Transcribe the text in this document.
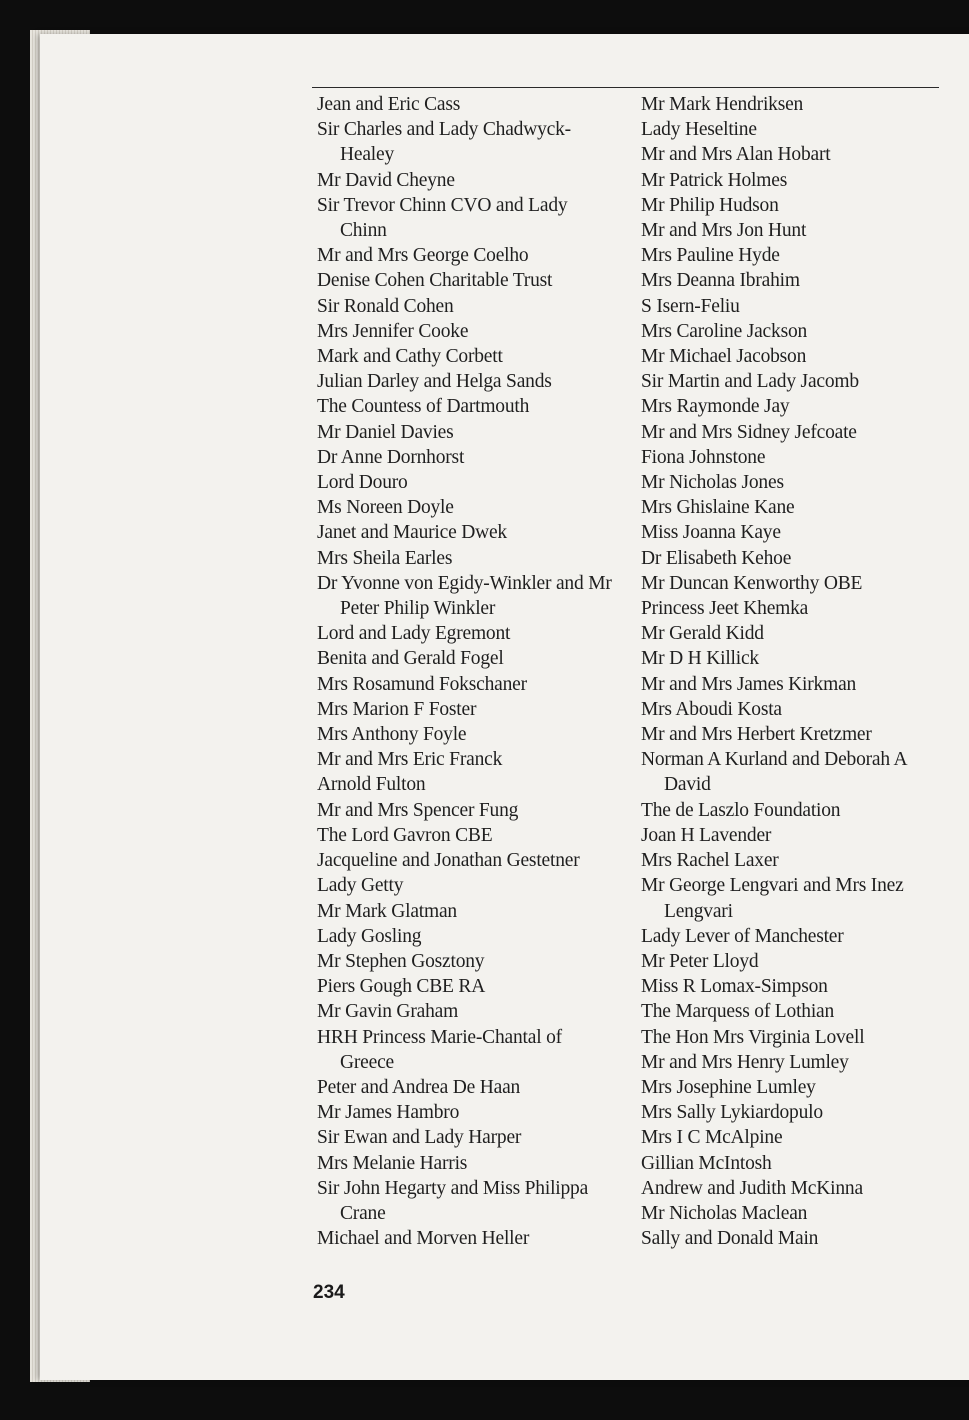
Jean and Eric Cass
Sir Charles and Lady Chadwyck-Healey
Mr David Cheyne
Sir Trevor Chinn CVO and Lady Chinn
Mr and Mrs George Coelho
Denise Cohen Charitable Trust
Sir Ronald Cohen
Mrs Jennifer Cooke
Mark and Cathy Corbett
Julian Darley and Helga Sands
The Countess of Dartmouth
Mr Daniel Davies
Dr Anne Dornhorst
Lord Douro
Ms Noreen Doyle
Janet and Maurice Dwek
Mrs Sheila Earles
Dr Yvonne von Egidy-Winkler and Mr Peter Philip Winkler
Lord and Lady Egremont
Benita and Gerald Fogel
Mrs Rosamund Fokschaner
Mrs Marion F Foster
Mrs Anthony Foyle
Mr and Mrs Eric Franck
Arnold Fulton
Mr and Mrs Spencer Fung
The Lord Gavron CBE
Jacqueline and Jonathan Gestetner
Lady Getty
Mr Mark Glatman
Lady Gosling
Mr Stephen Gosztony
Piers Gough CBE RA
Mr Gavin Graham
HRH Princess Marie-Chantal of Greece
Peter and Andrea De Haan
Mr James Hambro
Sir Ewan and Lady Harper
Mrs Melanie Harris
Sir John Hegarty and Miss Philippa Crane
Michael and Morven Heller
Mr Mark Hendriksen
Lady Heseltine
Mr and Mrs Alan Hobart
Mr Patrick Holmes
Mr Philip Hudson
Mr and Mrs Jon Hunt
Mrs Pauline Hyde
Mrs Deanna Ibrahim
S Isern-Feliu
Mrs Caroline Jackson
Mr Michael Jacobson
Sir Martin and Lady Jacomb
Mrs Raymonde Jay
Mr and Mrs Sidney Jefcoate
Fiona Johnstone
Mr Nicholas Jones
Mrs Ghislaine Kane
Miss Joanna Kaye
Dr Elisabeth Kehoe
Mr Duncan Kenworthy OBE
Princess Jeet Khemka
Mr Gerald Kidd
Mr D H Killick
Mr and Mrs James Kirkman
Mrs Aboudi Kosta
Mr and Mrs Herbert Kretzmer
Norman A Kurland and Deborah A David
The de Laszlo Foundation
Joan H Lavender
Mrs Rachel Laxer
Mr George Lengvari and Mrs Inez Lengvari
Lady Lever of Manchester
Mr Peter Lloyd
Miss R Lomax-Simpson
The Marquess of Lothian
The Hon Mrs Virginia Lovell
Mr and Mrs Henry Lumley
Mrs Josephine Lumley
Mrs Sally Lykiardopulo
Mrs I C McAlpine
Gillian McIntosh
Andrew and Judith McKinna
Mr Nicholas Maclean
Sally and Donald Main
234
